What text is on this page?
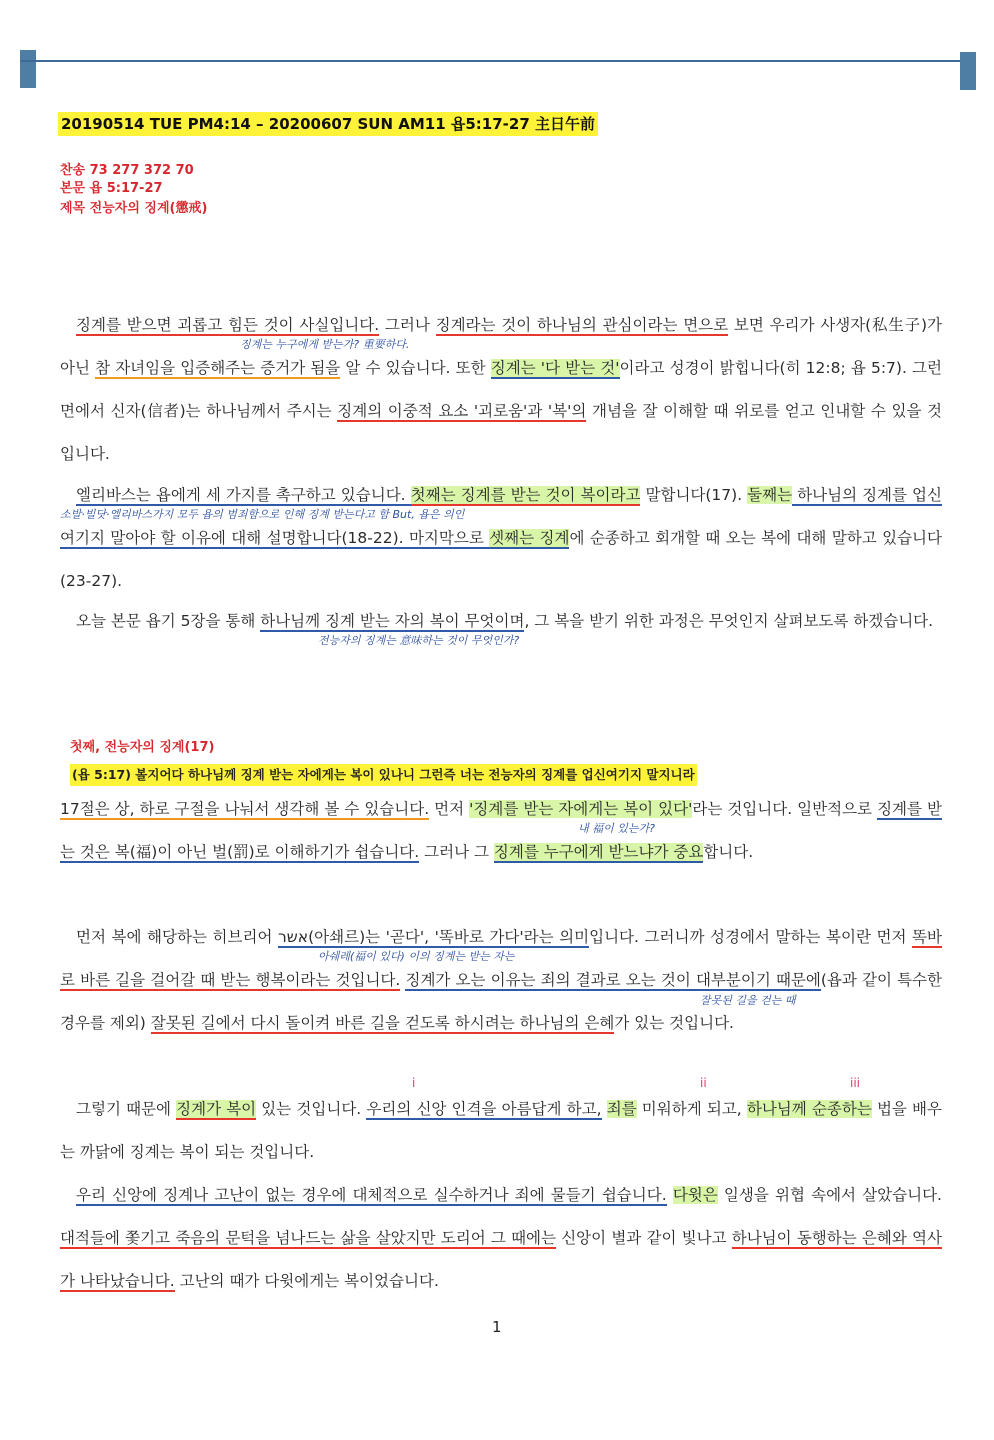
20190514 TUE PM4:14 – 20200607 SUN AM11 욥5:17-27 主日午前
찬송 73 277 372 70
본문 욥 5:17-27
제목 전능자의 징계(懲戒)

징계를 받으면 괴롭고 힘든 것이 사실입니다. 그러나 징계라는 것이 하나님의 관심이라는 면으로 보면 우리가 사생자(私生子)가 아닌 참 자녀임을 입증해주는 증거가 됨을 알 수 있습니다. 또한 징계는 '다 받는 것'이라고 성경이 밝힙니다(히 12:8; 욥 5:7). 그런 면에서 신자(信者)는 하나님께서 주시는 징계의 이중적 요소 '괴로움'과 '복'의 개념을 잘 이해할 때 위로를 얻고 인내할 수 있을 것입니다.

엘리바스는 욥에게 세 가지를 촉구하고 있습니다. 첫째는 징계를 받는 것이 복이라고 말합니다(17). 둘째는 하나님의 징계를 업신여기지 말아야 할 이유에 대해 설명합니다(18-22). 마지막으로 셋째는 징계에 순종하고 회개할 때 오는 복에 대해 말하고 있습니다(23-27).

오늘 본문 욥기 5장을 통해 하나님께 징계 받는 자의 복이 무엇이며, 그 복을 받기 위한 과정은 무엇인지 살펴보도록 하겠습니다.

첫째, 전능자의 징계(17)
(욥 5:17) 볼지어다 하나님께 징계 받는 자에게는 복이 있나니 그런즉 너는 전능자의 징계를 업신여기지 말지니라

17절은 상, 하로 구절을 나눠서 생각해 볼 수 있습니다. 먼저 '징계를 받는 자에게는 복이 있다'라는 것입니다. 일반적으로 징계를 받는 것은 복(福)이 아닌 벌(罰)로 이해하기가 쉽습니다. 그러나 그 징계를 누구에게 받느냐가 중요합니다.

먼저 복에 해당하는 히브리어 אשר(아쇄르)는 '곧다', '똑바로 가다'라는 의미입니다. 그러니까 성경에서 말하는 복이란 먼저 똑바로 바른 길을 걸어갈 때 받는 행복이라는 것입니다. 징계가 오는 이유는 죄의 결과로 오는 것이 대부분이기 때문에(욥과 같이 특수한 경우를 제외) 잘못된 길에서 다시 돌이켜 바른 길을 걷도록 하시려는 하나님의 은혜가 있는 것입니다.

그렇기 때문에 징계가 복이 있는 것입니다. 우리의 신앙 인격을 아름답게 하고, 죄를 미워하게 되고, 하나님께 순종하는 법을 배우는 까닭에 징계는 복이 되는 것입니다.

우리 신앙에 징계나 고난이 없는 경우에 대체적으로 실수하거나 죄에 물들기 쉽습니다. 다윗은 일생을 위협 속에서 살았습니다. 대적들에 쫓기고 죽음의 문턱을 넘나드는 삶을 살았지만 도리어 그 때에는 신앙이 별과 같이 빛나고 하나님이 동행하는 은혜와 역사가 나타났습니다. 고난의 때가 다윗에게는 복이었습니다.

징계는 누구에게 받는가? 重要하다.
소발·빌닷·엘리바스가지 모두 욥의 범죄함으로 인해 징계 받는다고 함 But, 욥은 의인
전능자의 징계는 意味하는 것이 무엇인가?
내 福이 있는가?
아쉐레(福이 있다) 이의 징계는 받는 자는
잘못된 길을 걷는 때
i	ii	iii
1
